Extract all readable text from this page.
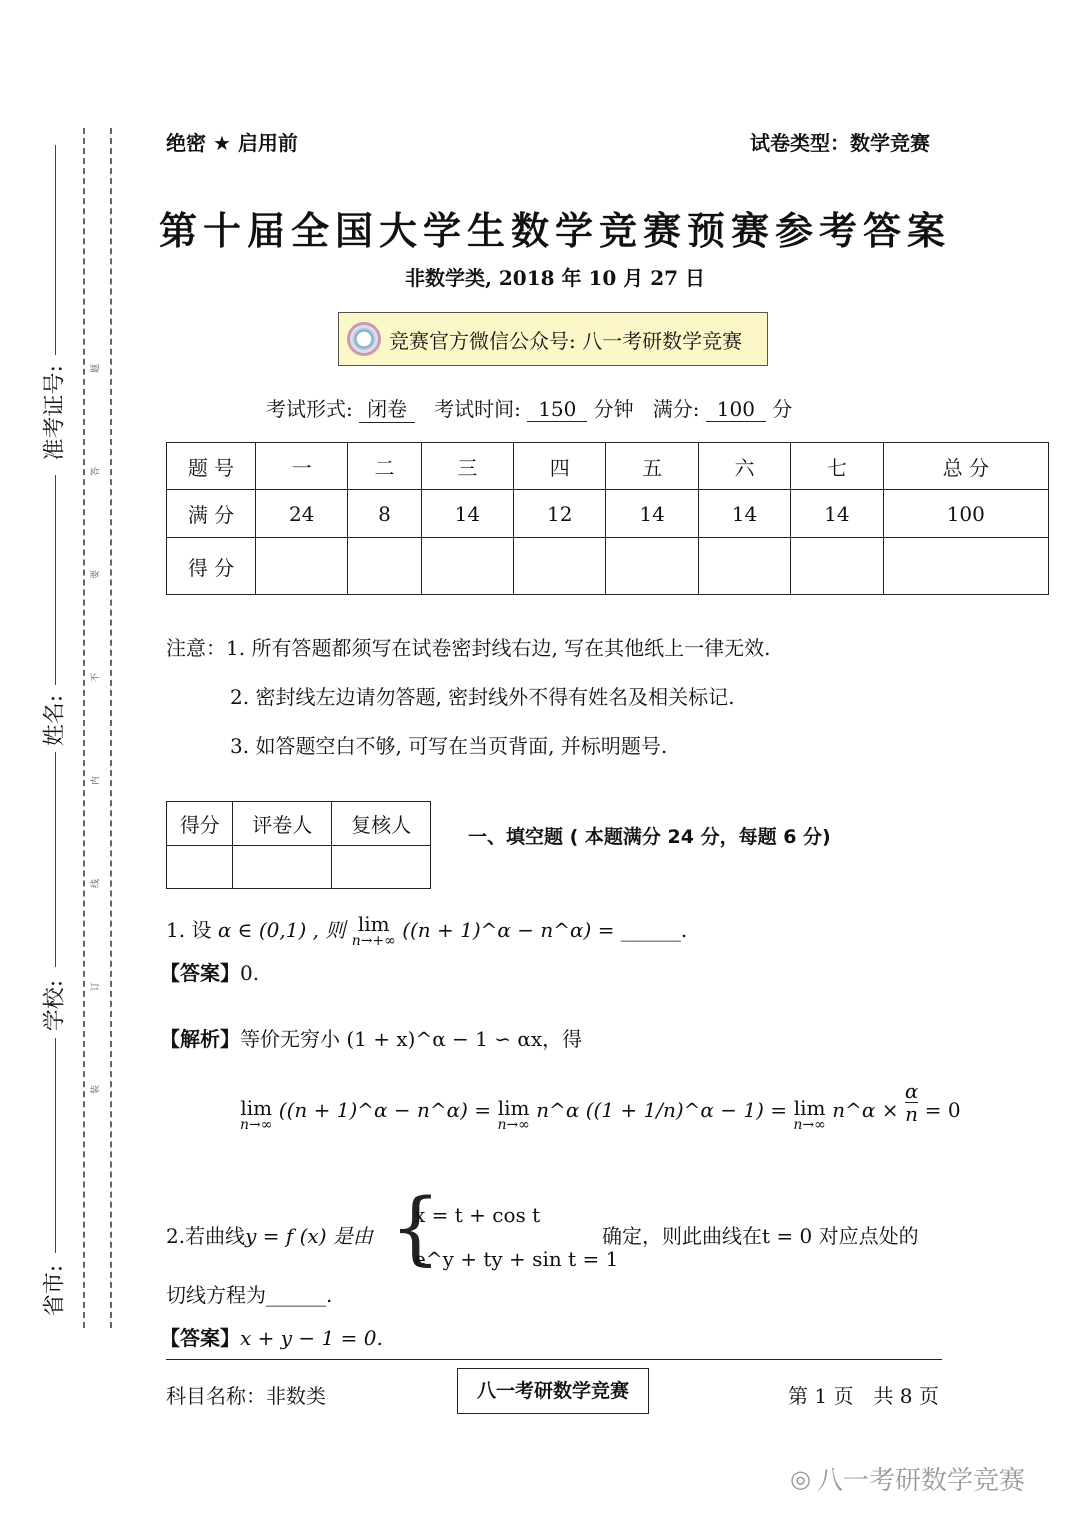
准考证号:
姓名:
学校:
省市:
题
答
要
不
内
线
订
装
绝密 ★ 启用前	试卷类型：数学竞赛
第十届全国大学生数学竞赛预赛参考答案
非数学类, 2018 年 10 月 27 日
竞赛官方微信公众号: 八一考研数学竞赛
考试形式: 闭卷 考试时间: 150 分钟 满分: 100 分
题 号	一	二	三	四	五	六	七	总 分
满 分	24	8	14	12	14	14	14	100
得 分								
注意：1. 所有答题都须写在试卷密封线右边, 写在其他纸上一律无效.
2. 密封线左边请勿答题, 密封线外不得有姓名及相关标记.
3. 如答题空白不够, 可写在当页背面, 并标明题号.
得分	评卷人	复核人
			一、填空题 ( 本题满分 24 分，每题 6 分)
1. 设 α ∈ (0,1) , 则 lim
n→+∞ ((n + 1)^α − n^α) = ______.
【答案】0.
【解析】等价无穷小 (1 + x)^α − 1 ∽ αx，得
lim
n→∞
((n + 1)^α − n^α) = lim
n→∞
n^α ((1 + 1/n)^α − 1) = lim
n→∞
n^α × $\frac{\alpha}{n} = 0$
2.若曲线y = f (x) 是由 {
x = t + cos t
e^y + ty + sin t = 1
确定，则此曲线在t = 0 对应点处的
切线方程为______.
【答案】x + y − 1 = 0.
科目名称：非数类	八一考研数学竞赛	第 1 页　共 8 页
◎ 八一考研数学竞赛
